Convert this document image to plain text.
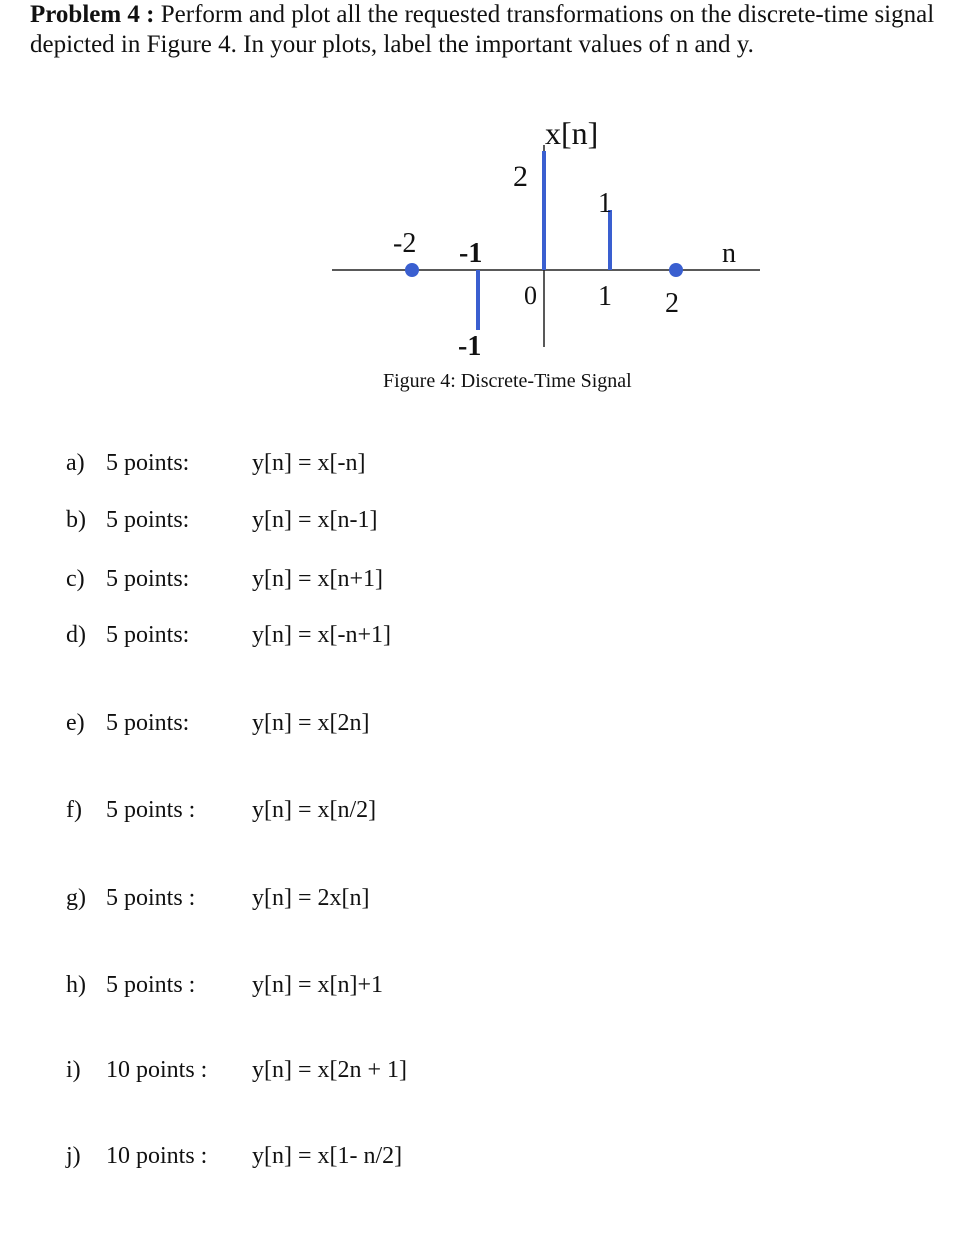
Problem 4 : Perform and plot all the requested transformations on the discrete-time signal depicted in Figure 4. In your plots, label the important values of n and y.
x[n]
n
2
1
-1
-2 -1
0 1 2
Figure 4: Discrete-Time Signal
a) 5 points:	y[n] = x[-n]
b) 5 points:	y[n] = x[n-1]
c) 5 points:	y[n] = x[n+1]
d) 5 points:	y[n] = x[-n+1]
e) 5 points:	y[n] = x[2n]
f) 5 points : y[n] = x[n/2]
g) 5 points : y[n] = 2x[n]
h) 5 points : y[n] = x[n]+1
i) 10 points : y[n] = x[2n + 1]
j) 10 points : y[n] = x[1- n/2]
